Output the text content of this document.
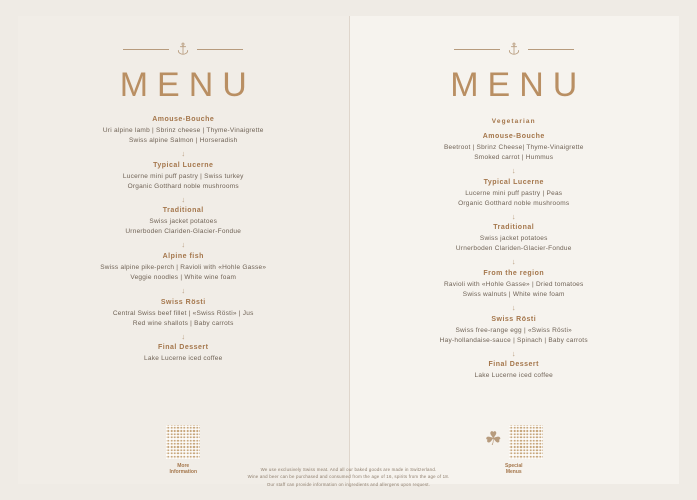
MENU
Amouse-Bouche
Uri alpine lamb | Sbrinz cheese | Thyme-Vinaigrette
Swiss alpine Salmon | Horseradish
↓
Typical Lucerne
Lucerne mini puff pastry | Swiss turkey
Organic Gotthard noble mushrooms
↓
Traditional
Swiss jacket potatoes
Urnerboden Clariden-Glacier-Fondue
↓
Alpine fish
Swiss alpine pike-perch | Ravioli with «Hohle Gasse»
Veggie noodles | White wine foam
↓
Swiss Rösti
Central Swiss beef fillet | «Swiss Rösti» | Jus
Red wine shallots | Baby carrots
↓
Final Dessert
Lake Lucerne iced coffee
More
Information
MENU
Vegetarian
Amouse-Bouche
Beetroot | Sbrinz Cheese| Thyme-Vinaigrette
Smoked carrot | Hummus
↓
Typical Lucerne
Lucerne mini puff pastry | Peas
Organic Gotthard noble mushrooms
↓
Traditional
Swiss jacket potatoes
Urnerboden Clariden-Glacier-Fondue
↓
From the region
Ravioli with «Hohle Gasse» | Dried tomatoes
Swiss walnuts | White wine foam
↓
Swiss Rösti
Swiss free-range egg | «Swiss Rösti»
Hay-hollandaise-sauce | Spinach | Baby carrots
↓
Final Dessert
Lake Lucerne iced coffee
☘
Special
Menus
We use exclusively Swiss meat. And all our baked goods are made in Switzerland.
Wine and beer can be purchased and consumed from the age of 16, spirits from the age of 18.
Our staff can provide information on ingredients and allergens upon request.
